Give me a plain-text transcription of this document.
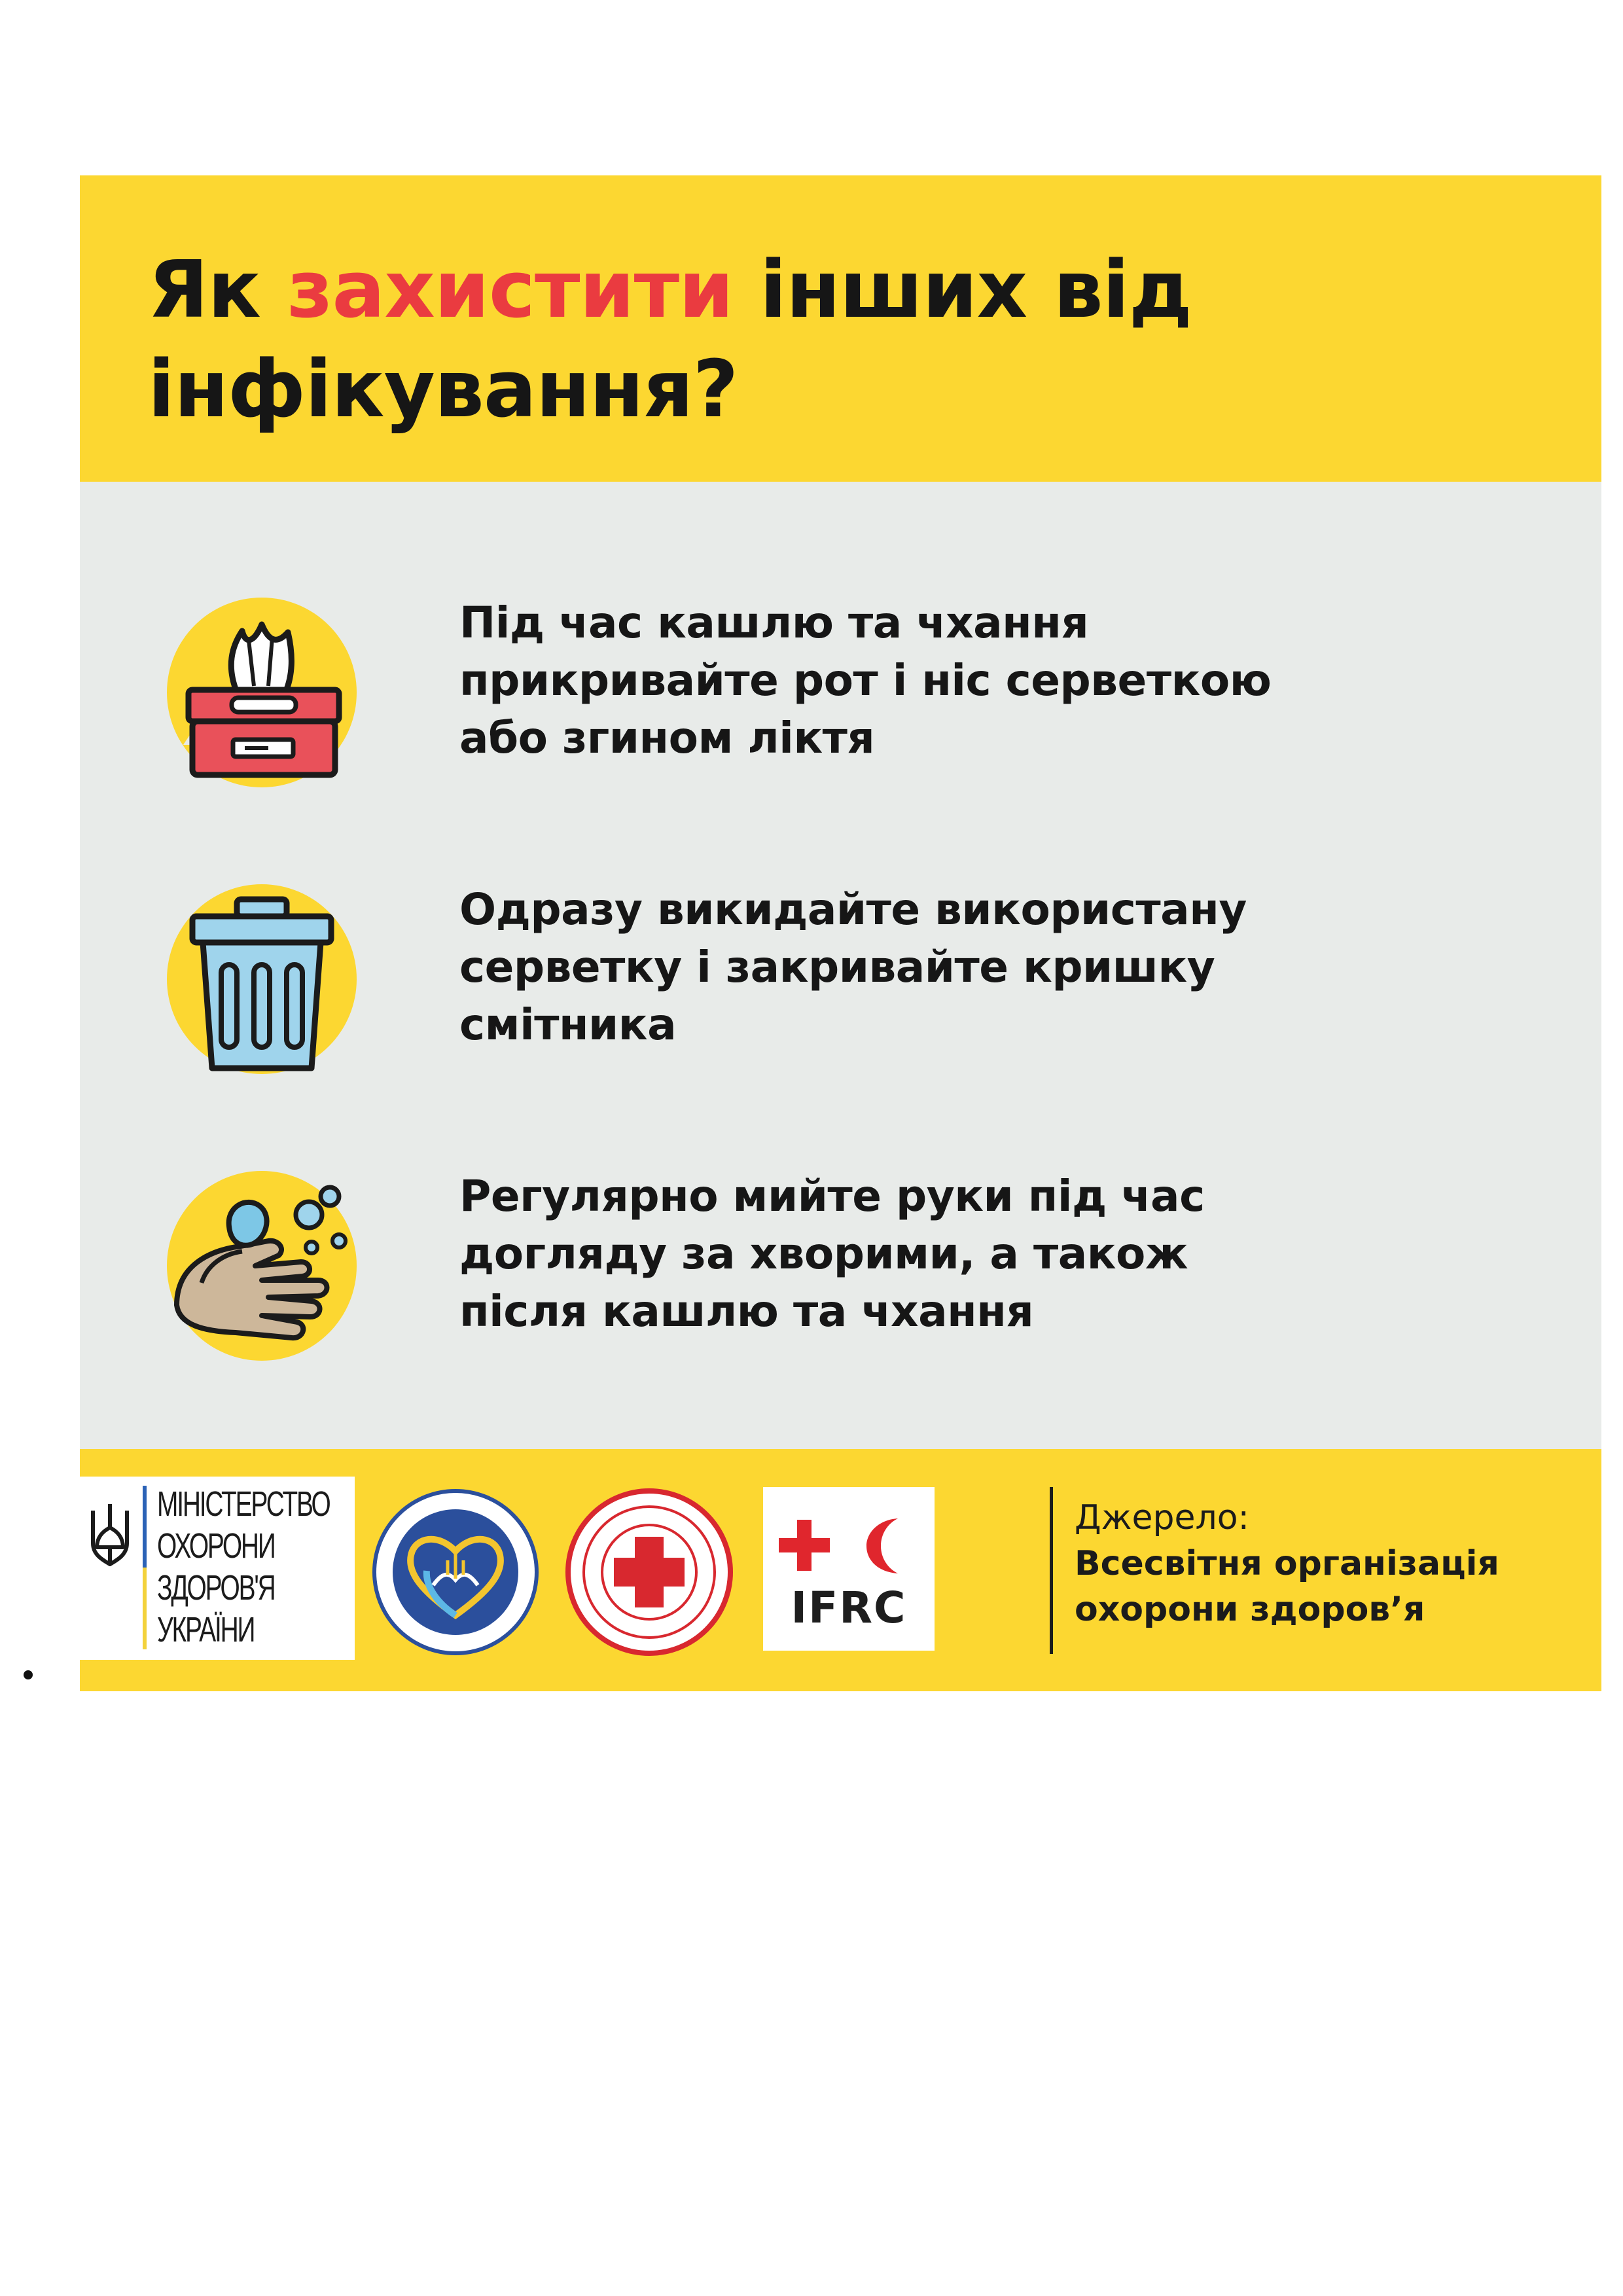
Як захистити інших від
інфікування?

Під час кашлю та чхання
прикривайте рот і ніс серветкою
або згином ліктя

Одразу викидайте використану
серветку і закривайте кришку
смітника

Регулярно мийте руки під час
догляду за хворими, а також
після кашлю та чхання

МІНІСТЕРСТВО
ОХОРОНИ
ЗДОРОВ'Я
УКРАЇНИ	IFRC

Джерело:
Всесвітня організація
охорони здоров’я
